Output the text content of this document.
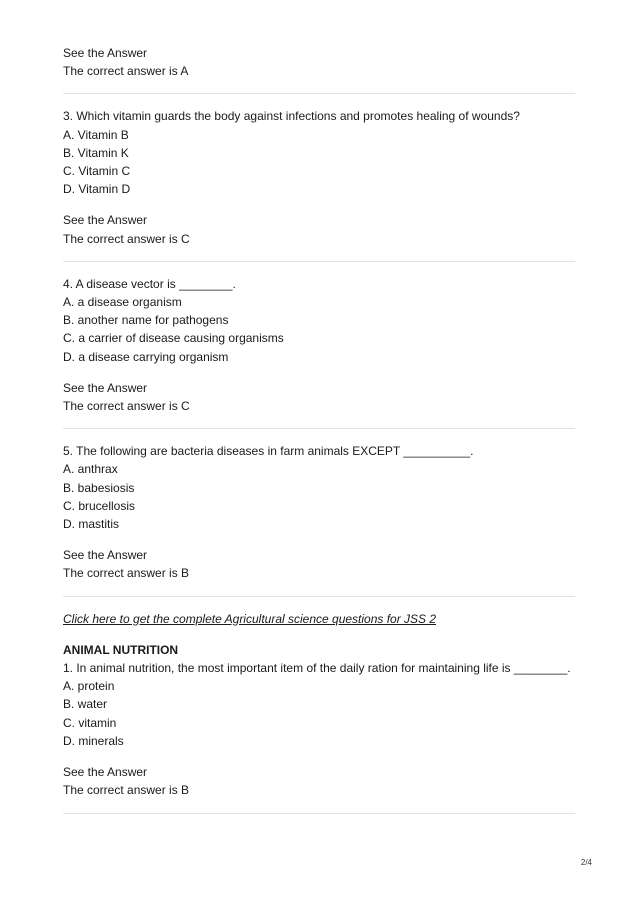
See the Answer
The correct answer is A
3. Which vitamin guards the body against infections and promotes healing of wounds?
A. Vitamin B
B. Vitamin K
C. Vitamin C
D. Vitamin D
See the Answer
The correct answer is C
4. A disease vector is ________.
A. a disease organism
B. another name for pathogens
C. a carrier of disease causing organisms
D. a disease carrying organism
See the Answer
The correct answer is C
5. The following are bacteria diseases in farm animals EXCEPT __________.
A. anthrax
B. babesiosis
C. brucellosis
D. mastitis
See the Answer
The correct answer is B
Click here to get the complete Agricultural science questions for JSS 2
ANIMAL NUTRITION
1. In animal nutrition, the most important item of the daily ration for maintaining life is ________.
A. protein
B. water
C. vitamin
D. minerals
See the Answer
The correct answer is B
2/4
